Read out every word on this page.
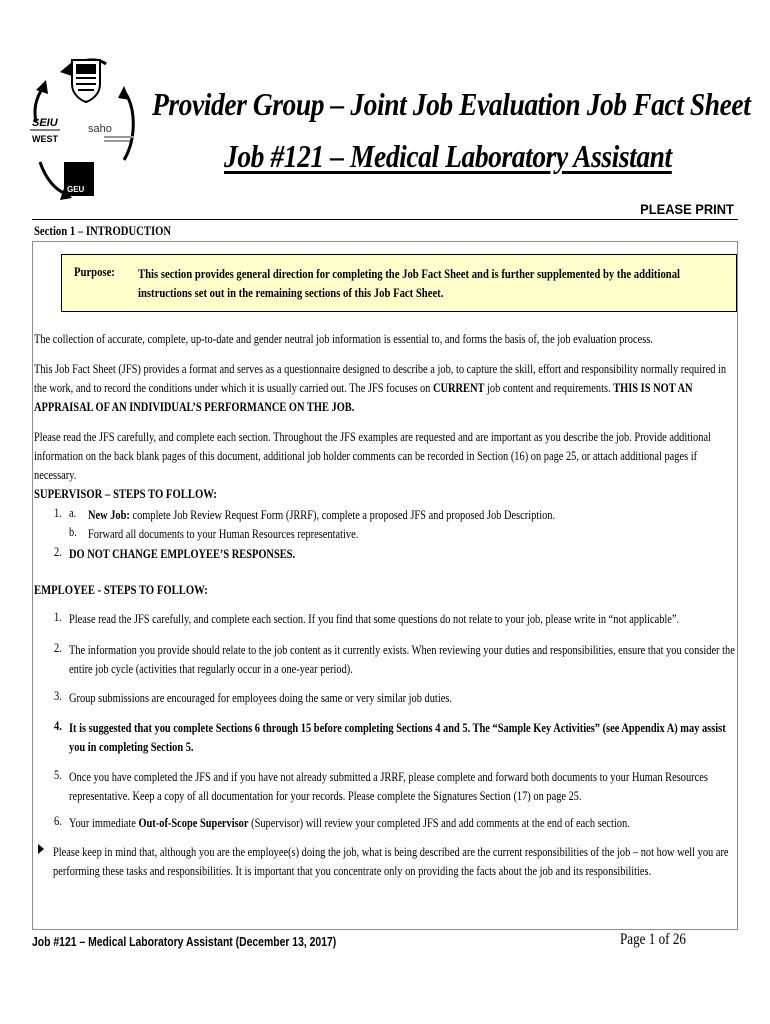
SEIU
WEST
saho
GEU
Provider Group – Joint Job Evaluation Job Fact Sheet
Job #121 – Medical Laboratory Assistant
PLEASE PRINT
Section 1 – INTRODUCTION
Purpose: This section provides general direction for completing the Job Fact Sheet and is further supplemented by the additional instructions set out in the remaining sections of this Job Fact Sheet.
The collection of accurate, complete, up-to-date and gender neutral job information is essential to, and forms the basis of, the job evaluation process.
This Job Fact Sheet (JFS) provides a format and serves as a questionnaire designed to describe a job, to capture the skill, effort and responsibility normally required in the work, and to record the conditions under which it is usually carried out. The JFS focuses on CURRENT job content and requirements. THIS IS NOT AN APPRAISAL OF AN INDIVIDUAL’S PERFORMANCE ON THE JOB.
Please read the JFS carefully, and complete each section. Throughout the JFS examples are requested and are important as you describe the job. Provide additional information on the back blank pages of this document, additional job holder comments can be recorded in Section (16) on page 25, or attach additional pages if necessary.
SUPERVISOR – STEPS TO FOLLOW:
1. a. New Job: complete Job Review Request Form (JRRF), complete a proposed JFS and proposed Job Description.
b. Forward all documents to your Human Resources representative.
2. DO NOT CHANGE EMPLOYEE’S RESPONSES.
EMPLOYEE - STEPS TO FOLLOW:
1. Please read the JFS carefully, and complete each section. If you find that some questions do not relate to your job, please write in “not applicable”.
2. The information you provide should relate to the job content as it currently exists. When reviewing your duties and responsibilities, ensure that you consider the entire job cycle (activities that regularly occur in a one-year period).
3. Group submissions are encouraged for employees doing the same or very similar job duties.
4. It is suggested that you complete Sections 6 through 15 before completing Sections 4 and 5. The “Sample Key Activities” (see Appendix A) may assist you in completing Section 5.
5. Once you have completed the JFS and if you have not already submitted a JRRF, please complete and forward both documents to your Human Resources representative. Keep a copy of all documentation for your records. Please complete the Signatures Section (17) on page 25.
6. Your immediate Out-of-Scope Supervisor (Supervisor) will review your completed JFS and add comments at the end of each section.
Please keep in mind that, although you are the employee(s) doing the job, what is being described are the current responsibilities of the job – not how well you are performing these tasks and responsibilities. It is important that you concentrate only on providing the facts about the job and its responsibilities.
Job #121 – Medical Laboratory Assistant (December 13, 2017)	Page 1 of 26
